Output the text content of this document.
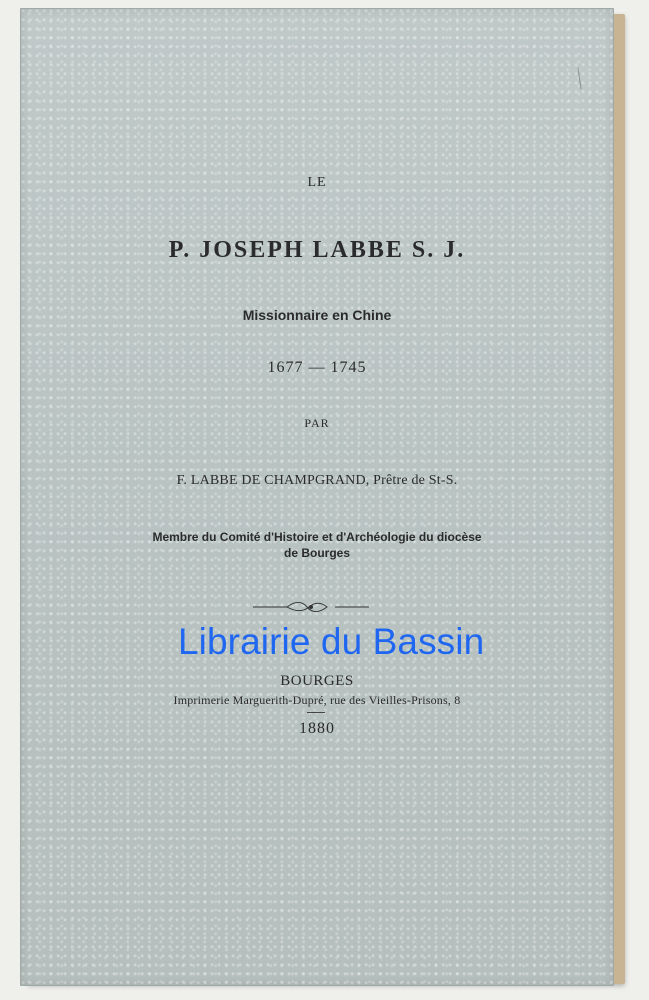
LE
P. JOSEPH LABBE S. J.
Missionnaire en Chine
1677 — 1745
PAR
F. LABBE DE CHAMPGRAND, Prêtre de St-S.
Membre du Comité d'Histoire et d'Archéologie du diocèse de Bourges
Librairie du Bassin
BOURGES
Imprimerie Marguerith-Dupré, rue des Vieilles-Prisons, 8
1880
